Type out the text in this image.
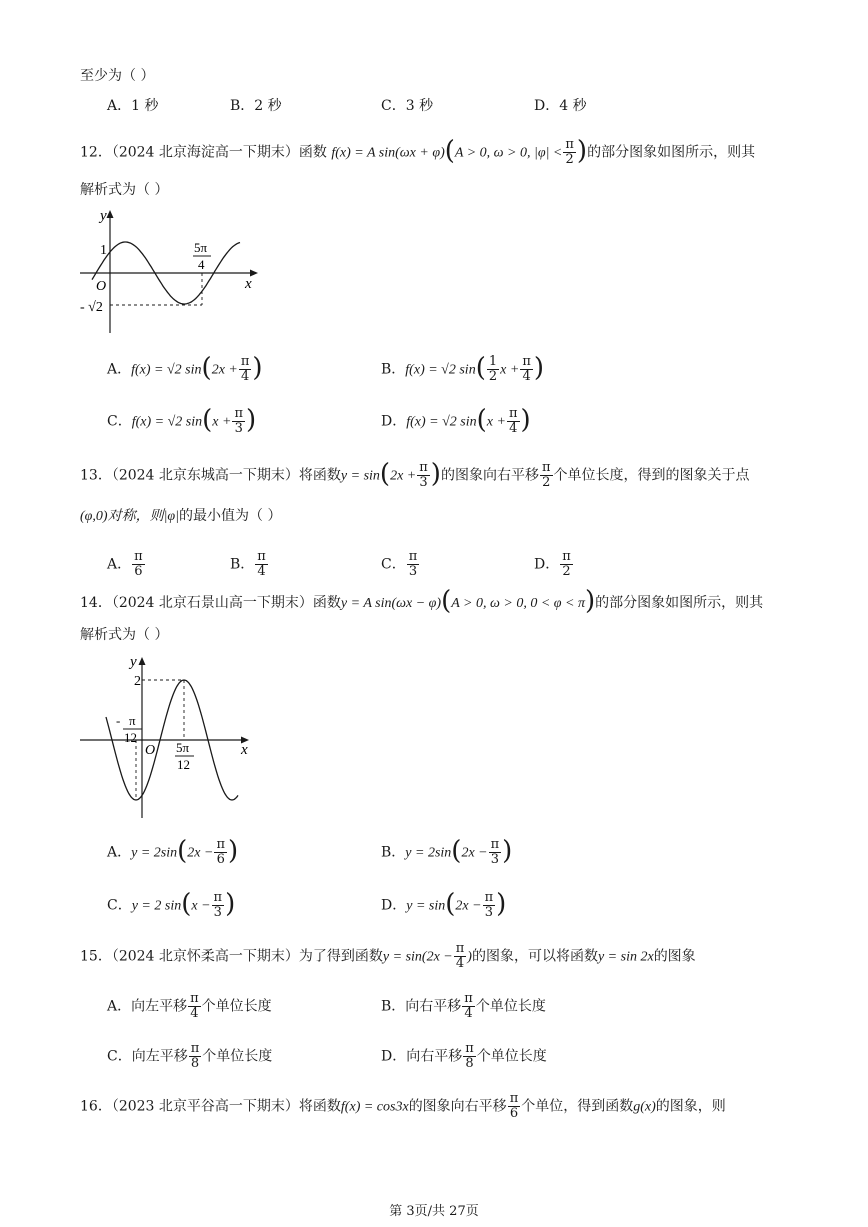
至少为（ ）
A．1 秒	B．2 秒	C．3 秒	D．4 秒
12．（2024 北京海淀高一下期末）函数 f(x) = A sin(ωx + φ)(A > 0, ω > 0, $|\varphi| < \frac{\pi}{2}$ )的部分图象如图所示，则其
解析式为（ ）
y
x
O
1
- √2
5π
4
A．f(x) = √2 $\sin(2x + \frac{\pi}{4}$ )	B．f(x) = √2 $\sin( \frac{1}{2}$ $x + \frac{\pi}{4}$ )
C．f(x) = √2 $\sin(x + \frac{\pi}{3}$ )	D．f(x) = √2 $\sin(x + \frac{\pi}{4}$ )
13．（2024 北京东城高一下期末）将函数$y = \sin(2x + \frac{\pi}{3}$ )的图象向右平移 $\frac{\pi}{2}$ 个单位长度，得到的图象关于点
(φ,0)对称，则|φ|的最小值为（ ）
A． $\frac{\pi}{6}$	B． $\frac{\pi}{4}$	C． $\frac{\pi}{3}$	D． $\frac{\pi}{2}$
14．（2024 北京石景山高一下期末）函数y = A sin(ωx − φ)(A > 0, ω > 0, 0 < φ < π)的部分图象如图所示，则其
解析式为（ ）
y
x
O
2
- π
12
5π
12
A．$y = 2\sin(2x - \frac{\pi}{6}$ )	B．$y = 2\sin(2x - \frac{\pi}{3}$ )
C．y = 2 $\sin(x - \frac{\pi}{3}$ )	D．$y = \sin(2x - \frac{\pi}{3}$ )
15．（2024 北京怀柔高一下期末）为了得到函数$y = \sin(2x - \frac{\pi}{4}$ )的图象，可以将函数y = sin 2x的图象
A．向左平移 $\frac{\pi}{4}$ 个单位长度	B．向右平移 $\frac{\pi}{4}$ 个单位长度
C．向左平移 $\frac{\pi}{8}$ 个单位长度	D．向右平移 $\frac{\pi}{8}$ 个单位长度
16．（2023 北京平谷高一下期末）将函数f(x) = cos3x的图象向右平移 $\frac{\pi}{6}$ 个单位，得到函数g(x)的图象，则
第 3页/共 27页
